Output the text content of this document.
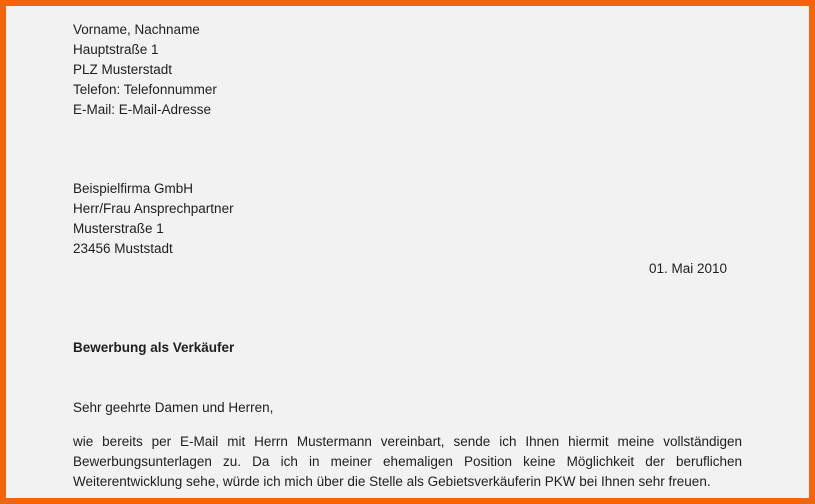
Vorname, Nachname
Hauptstraße 1
PLZ Musterstadt
Telefon: Telefonnummer
E-Mail: E-Mail-Adresse
Beispielfirma GmbH
Herr/Frau Ansprechpartner
Musterstraße 1
23456 Muststadt
01. Mai 2010
Bewerbung als Verkäufer
Sehr geehrte Damen und Herren,
wie bereits per E-Mail mit Herrn Mustermann vereinbart, sende ich Ihnen hiermit meine vollständigen
Bewerbungsunterlagen zu. Da ich in meiner ehemaligen Position keine Möglichkeit der beruflichen
Weiterentwicklung sehe, würde ich mich über die Stelle als Gebietsverkäuferin PKW bei Ihnen sehr freuen.
